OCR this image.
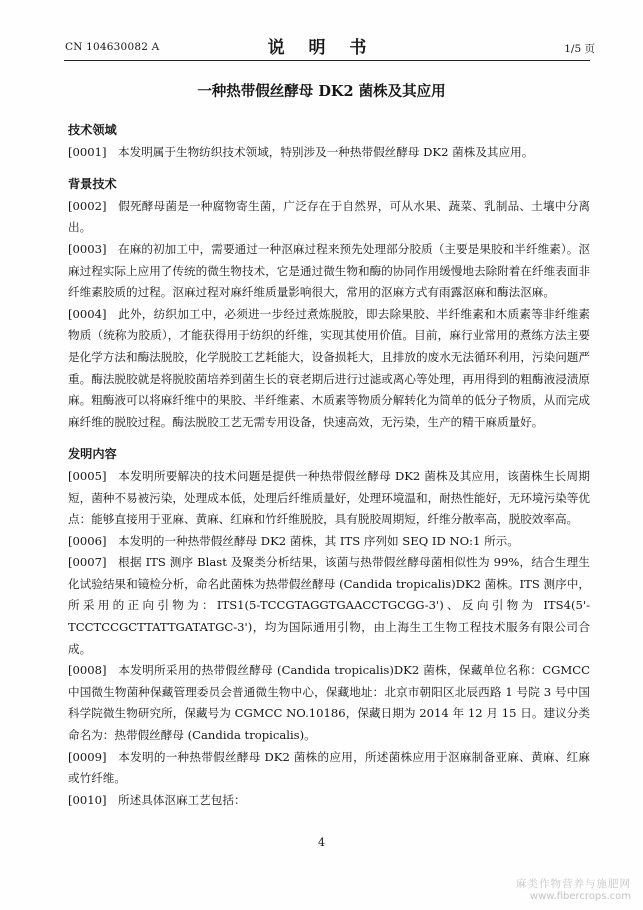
CN 104630082 A	说 明 书	1/5 页
一种热带假丝酵母 DK2 菌株及其应用
技术领域

[0001] 本发明属于生物纺织技术领域，特别涉及一种热带假丝酵母 DK2 菌株及其应用。

背景技术

[0002] 假死酵母菌是一种腐物寄生菌，广泛存在于自然界，可从水果、蔬菜、乳制品、土壤中分离出。

[0003] 在麻的初加工中，需要通过一种沤麻过程来预先处理部分胶质（主要是果胶和半纤维素）。沤麻过程实际上应用了传统的微生物技术，它是通过微生物和酶的协同作用缓慢地去除附着在纤维表面非纤维素胶质的过程。沤麻过程对麻纤维质量影响很大，常用的沤麻方式有雨露沤麻和酶法沤麻。

[0004] 此外，纺织加工中，必须进一步经过煮炼脱胶，即去除果胶、半纤维素和木质素等非纤维素物质（统称为胶质），才能获得用于纺织的纤维，实现其使用价值。目前，麻行业常用的煮练方法主要是化学方法和酶法脱胶，化学脱胶工艺耗能大，设备损耗大，且排放的废水无法循环利用，污染问题严重。酶法脱胶就是将脱胶菌培养到菌生长的衰老期后进行过滤或离心等处理，再用得到的粗酶液浸渍原麻。粗酶液可以将麻纤维中的果胶、半纤维素、木质素等物质分解转化为简单的低分子物质，从而完成麻纤维的脱胶过程。酶法脱胶工艺无需专用设备，快速高效，无污染，生产的精干麻质量好。

发明内容

[0005] 本发明所要解决的技术问题是提供一种热带假丝酵母 DK2 菌株及其应用，该菌株生长周期短，菌种不易被污染，处理成本低，处理后纤维质量好，处理环境温和，耐热性能好，无环境污染等优点：能够直接用于亚麻、黄麻、红麻和竹纤维脱胶，具有脱胶周期短，纤维分散率高，脱胶效率高。

[0006] 本发明的一种热带假丝酵母 DK2 菌株，其 ITS 序列如 SEQ ID NO:1 所示。

[0007] 根据 ITS 测序 Blast 及聚类分析结果，该菌与热带假丝酵母菌相似性为 99%，结合生理生化试验结果和镜检分析，命名此菌株为热带假丝酵母 (Candida tropicalis)DK2 菌株。ITS 测序中，所采用的正向引物为：ITS1(5-TCCGTAGGTGAACCTGCGG-3')、反向引物为 ITS4(5'-TCCTCCGCTTATTGATATGC-3')，均为国际通用引物，由上海生工生物工程技术服务有限公司合成。

[0008] 本发明所采用的热带假丝酵母 (Candida tropicalis)DK2 菌株，保藏单位名称：CGMCC 中国微生物菌种保藏管理委员会普通微生物中心，保藏地址：北京市朝阳区北辰西路 1 号院 3 号中国科学院微生物研究所，保藏号为 CGMCC NO.10186，保藏日期为 2014 年 12 月 15 日。建议分类命名为：热带假丝酵母 (Candida tropicalis)。

[0009] 本发明的一种热带假丝酵母 DK2 菌株的应用，所述菌株应用于沤麻制备亚麻、黄麻、红麻或竹纤维。

[0010] 所述具体沤麻工艺包括：

4
麻类作物营养与施肥网
www.fibercrops.com
